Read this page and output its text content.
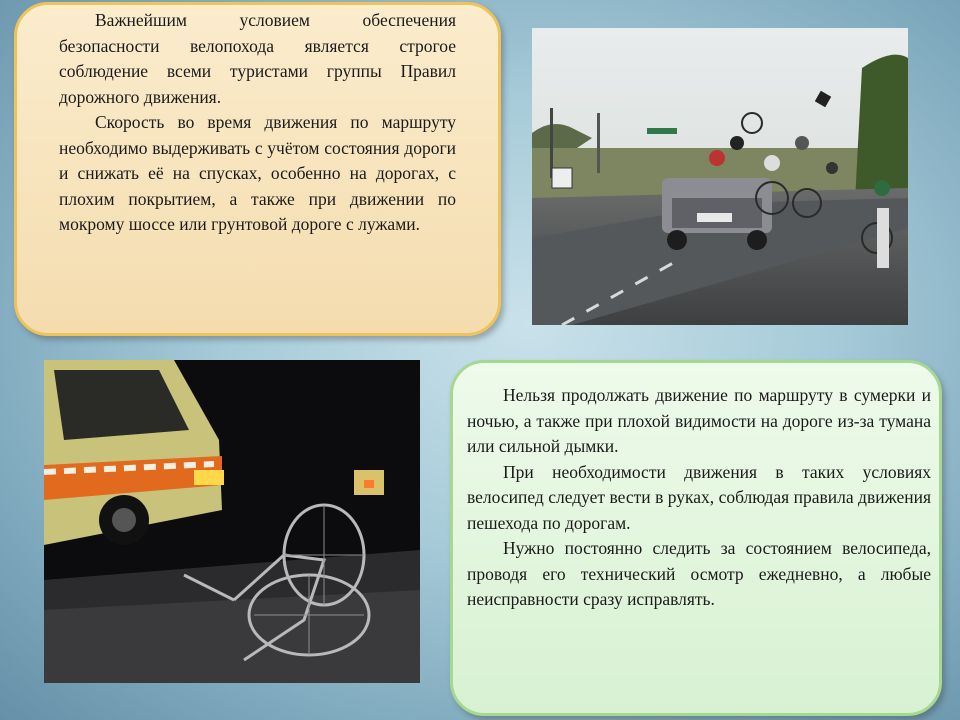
Важнейшим условием обеспечения безопасности велопохода является строгое соблюдение всеми туристами группы Правил дорожного движения.

Скорость во время движения по маршруту необходимо выдерживать с учётом состояния дороги и снижать её на спусках, особенно на дорогах, с плохим покрытием, а также при движении по мокрому шоссе или грунтовой дороге с лужами.

Нельзя продолжать движение по маршруту в сумерки и ночью, а также при плохой видимости на дороге из-за тумана или сильной дымки.

При необходимости движения в таких условиях велосипед следует вести в руках, соблюдая правила движения пешехода по дорогам.

Нужно постоянно следить за состоянием велосипеда, проводя его технический осмотр ежедневно, а любые неисправности сразу исправлять.
